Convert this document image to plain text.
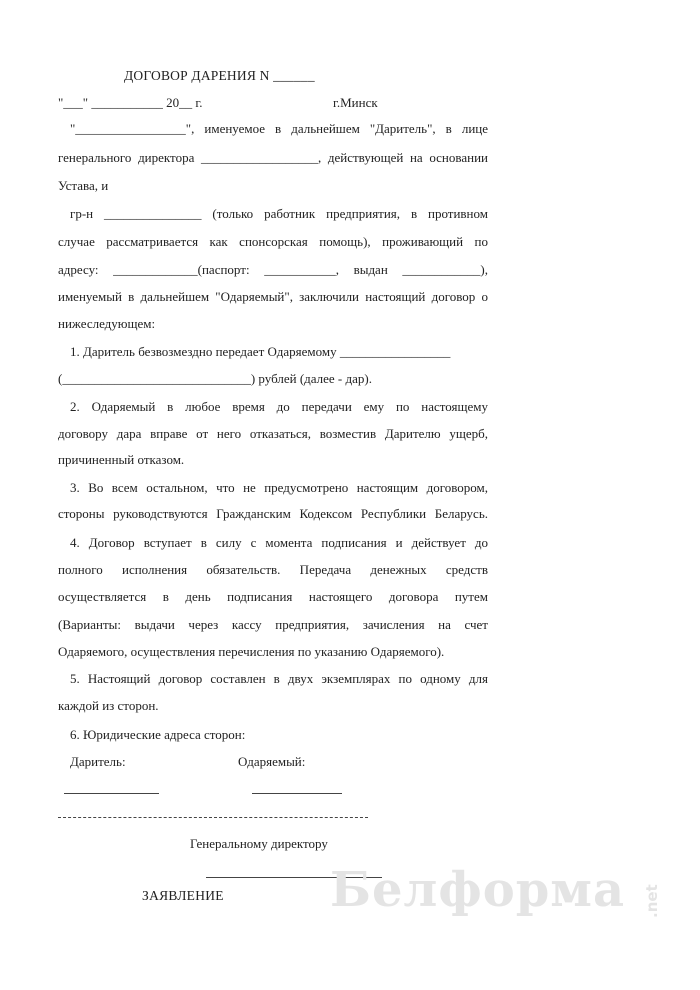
ДОГОВОР ДАРЕНИЯ N ______
"___" ___________ 20__ г.	г.Минск
"_________________", именуемое в дальнейшем "Даритель", в лице
генерального директора __________________, действующей на основании
Устава, и
гр-н _______________ (только работник предприятия, в противном
случае рассматривается как спонсорская помощь), проживающий по
адресу: _____________(паспорт: ___________, выдан ____________),
именуемый в дальнейшем "Одаряемый", заключили настоящий договор о
нижеследующем:
1. Даритель безвозмездно передает Одаряемому _________________
(_____________________________) рублей (далее - дар).
2. Одаряемый в любое время до передачи ему по настоящему
договору дара вправе от него отказаться, возместив Дарителю ущерб,
причиненный отказом.
3. Во всем остальном, что не предусмотрено настоящим договором,
стороны руководствуются Гражданским Кодексом Республики Беларусь.
4. Договор вступает в силу с момента подписания и действует до
полного исполнения обязательств. Передача денежных средств
осуществляется в день подписания настоящего договора путем
(Варианты: выдачи через кассу предприятия, зачисления на счет
Одаряемого, осуществления перечисления по указанию Одаряемого).
5. Настоящий договор составлен в двух экземплярах по одному для
каждой из сторон.
6. Юридические адреса сторон:
Даритель:	Одаряемый:
Генеральному директору
ЗАЯВЛЕНИЕ Белформа	.net
